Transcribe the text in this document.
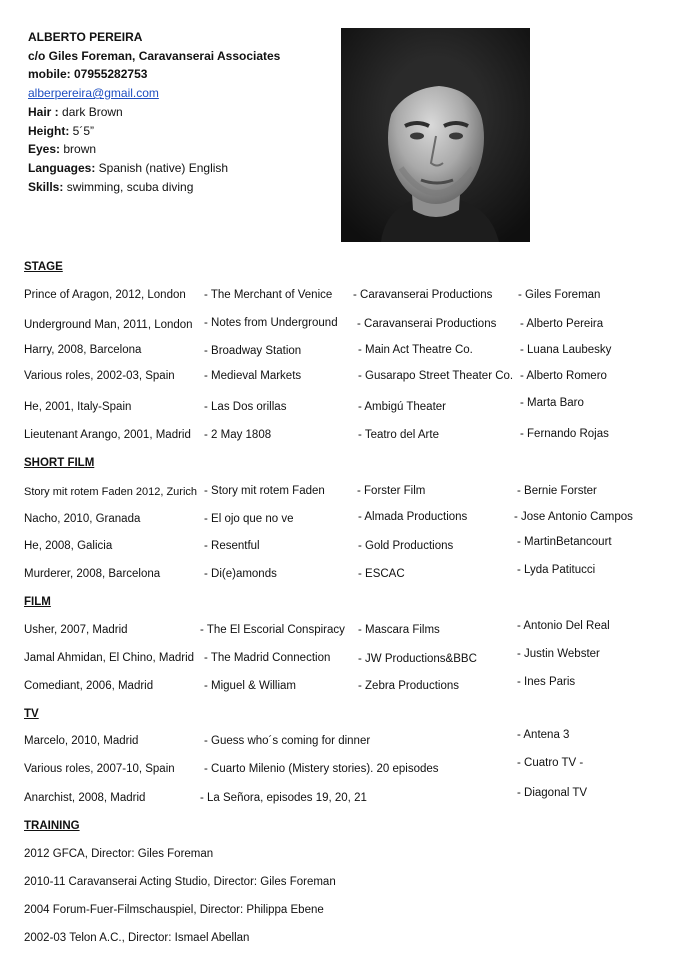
ALBERTO PEREIRA
c/o Giles Foreman, Caravanserai Associates
mobile: 07955282753
alberpereira@gmail.com
Hair : dark Brown
Height: 5´5”
Eyes: brown
Languages: Spanish (native) English
Skills: swimming, scuba diving
STAGE
Prince of Aragon, 2012, London - The Merchant of Venice - Caravanserai Productions - Giles Foreman
Underground Man, 2011, London - Notes from Underground - Caravanserai Productions - Alberto Pereira
Harry, 2008, Barcelona	- Broadway Station	- Main Act Theatre Co.	- Luana Laubesky
Various roles, 2002-03, Spain	- Medieval Markets	- Gusarapo Street Theater Co. - Alberto Romero
He, 2001, Italy-Spain	- Las Dos orillas	- Ambigú Theater	- Marta Baro
Lieutenant Arango, 2001, Madrid - 2 May 1808	- Teatro del Arte	- Fernando Rojas
SHORT FILM
Story mit rotem Faden 2012, Zurich - Story mit rotem Faden	- Forster Film	- Bernie Forster
Nacho, 2010, Granada	- El ojo que no ve	- Almada Productions	- Jose Antonio Campos
He, 2008, Galicia	- Resentful	- Gold Productions	- MartinBetancourt
Murderer, 2008, Barcelona	- Di(e)amonds	- ESCAC	- Lyda Patitucci
FILM
Usher, 2007, Madrid	- The El Escorial Conspiracy - Mascara Films	- Antonio Del Real
Jamal Ahmidan, El Chino, Madrid - The Madrid Connection - JW Productions&BBC	- Justin Webster
Comediant, 2006, Madrid	- Miguel & William	- Zebra Productions	- Ines Paris
TV
Marcelo, 2010, Madrid	- Guess who´s coming for dinner	- Antena 3
Various roles, 2007-10, Spain	- Cuarto Milenio (Mistery stories). 20 episodes	- Cuatro TV -
Anarchist, 2008, Madrid	- La Señora, episodes 19, 20, 21	- Diagonal TV
TRAINING
2012 GFCA, Director: Giles Foreman
2010-11 Caravanserai Acting Studio, Director: Giles Foreman
2004 Forum-Fuer-Filmschauspiel, Director: Philippa Ebene
2002-03 Telon A.C., Director: Ismael Abellan
